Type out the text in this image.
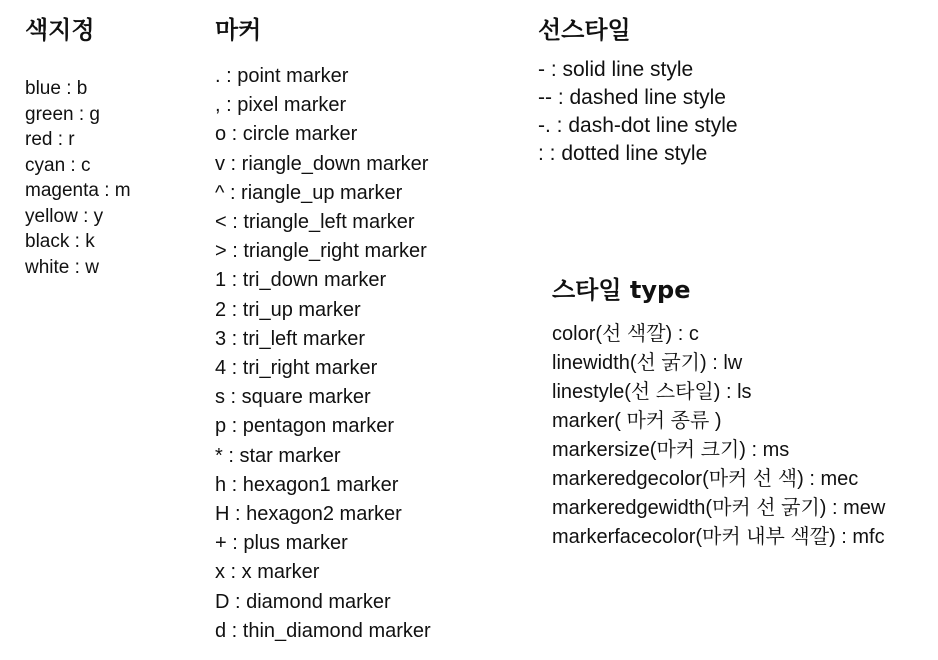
색지정
blue : b
green : g
red : r
cyan : c
magenta : m
yellow : y
black : k
white : w
마커
. : point marker
, : pixel marker
o : circle marker
v : riangle_down marker
^ : riangle_up marker
< : triangle_left marker
> : triangle_right marker
1 : tri_down marker
2 : tri_up marker
3 : tri_left marker
4 : tri_right marker
s : square marker
p : pentagon marker
* : star marker
h : hexagon1 marker
H : hexagon2 marker
+ : plus marker
x : x marker
D : diamond marker
d : thin_diamond marker
선스타일
- : solid line style
-- : dashed line style
-. : dash-dot line style
: : dotted line style
스타일 type
color(선 색깔) : c
linewidth(선 굵기) : lw
linestyle(선 스타일) : ls
marker( 마커 종류 )
markersize(마커 크기) : ms
markeredgecolor(마커 선 색) : mec
markeredgewidth(마커 선 굵기) : mew
markerfacecolor(마커 내부 색깔) : mfc
